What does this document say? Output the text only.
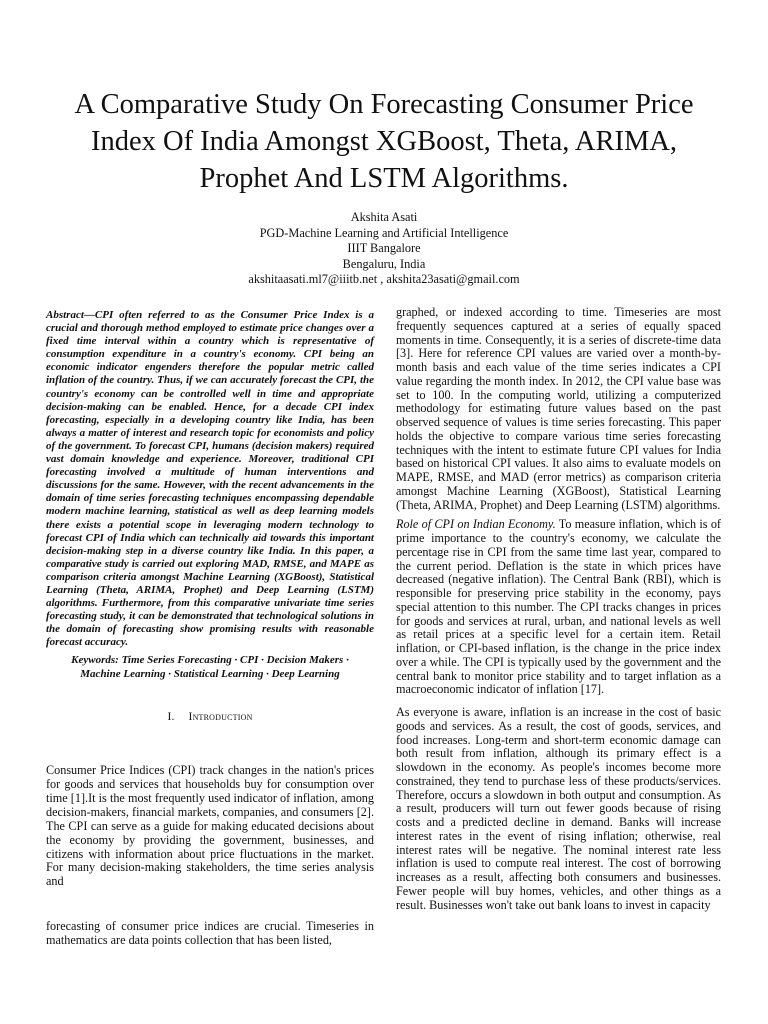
A Comparative Study On Forecasting Consumer Price Index Of India Amongst XGBoost, Theta, ARIMA, Prophet And LSTM Algorithms.
Akshita Asati
PGD-Machine Learning and Artificial Intelligence
IIIT Bangalore
Bengaluru, India
akshitaasati.ml7@iiitb.net , akshita23asati@gmail.com

Abstract—CPI often referred to as the Consumer Price Index is a crucial and thorough method employed to estimate price changes over a fixed time interval within a country which is representative of consumption expenditure in a country's economy. CPI being an economic indicator engenders therefore the popular metric called inflation of the country. Thus, if we can accurately forecast the CPI, the country's economy can be controlled well in time and appropriate decision-making can be enabled. Hence, for a decade CPI index forecasting, especially in a developing country like India, has been always a matter of interest and research topic for economists and policy of the government. To forecast CPI, humans (decision makers) required vast domain knowledge and experience. Moreover, traditional CPI forecasting involved a multitude of human interventions and discussions for the same. However, with the recent advancements in the domain of time series forecasting techniques encompassing dependable modern machine learning, statistical as well as deep learning models there exists a potential scope in leveraging modern technology to forecast CPI of India which can technically aid towards this important decision-making step in a diverse country like India. In this paper, a comparative study is carried out exploring MAD, RMSE, and MAPE as comparison criteria amongst Machine Learning (XGBoost), Statistical Learning (Theta, ARIMA, Prophet) and Deep Learning (LSTM) algorithms. Furthermore, from this comparative univariate time series forecasting study, it can be demonstrated that technological solutions in the domain of forecasting show promising results with reasonable forecast accuracy.

Keywords: Time Series Forecasting · CPI · Decision Makers · Machine Learning · Statistical Learning · Deep Learning

I. Introduction

Consumer Price Indices (CPI) track changes in the nation's prices for goods and services that households buy for consumption over time [1].It is the most frequently used indicator of inflation, among decision-makers, financial markets, companies, and consumers [2]. The CPI can serve as a guide for making educated decisions about the economy by providing the government, businesses, and citizens with information about price fluctuations in the market. For many decision-making stakeholders, the time series analysis and

forecasting of consumer price indices are crucial. Timeseries in mathematics are data points collection that has been listed,

graphed, or indexed according to time. Timeseries are most frequently sequences captured at a series of equally spaced moments in time. Consequently, it is a series of discrete-time data [3]. Here for reference CPI values are varied over a month-by-month basis and each value of the time series indicates a CPI value regarding the month index. In 2012, the CPI value base was set to 100. In the computing world, utilizing a computerized methodology for estimating future values based on the past observed sequence of values is time series forecasting. This paper holds the objective to compare various time series forecasting techniques with the intent to estimate future CPI values for India based on historical CPI values. It also aims to evaluate models on MAPE, RMSE, and MAD (error metrics) as comparison criteria amongst Machine Learning (XGBoost), Statistical Learning (Theta, ARIMA, Prophet) and Deep Learning (LSTM) algorithms.

Role of CPI on Indian Economy. To measure inflation, which is of prime importance to the country's economy, we calculate the percentage rise in CPI from the same time last year, compared to the current period. Deflation is the state in which prices have decreased (negative inflation). The Central Bank (RBI), which is responsible for preserving price stability in the economy, pays special attention to this number. The CPI tracks changes in prices for goods and services at rural, urban, and national levels as well as retail prices at a specific level for a certain item. Retail inflation, or CPI-based inflation, is the change in the price index over a while. The CPI is typically used by the government and the central bank to monitor price stability and to target inflation as a macroeconomic indicator of inflation [17].

As everyone is aware, inflation is an increase in the cost of basic goods and services. As a result, the cost of goods, services, and food increases. Long-term and short-term economic damage can both result from inflation, although its primary effect is a slowdown in the economy. As people's incomes become more constrained, they tend to purchase less of these products/services. Therefore, occurs a slowdown in both output and consumption. As a result, producers will turn out fewer goods because of rising costs and a predicted decline in demand. Banks will increase interest rates in the event of rising inflation; otherwise, real interest rates will be negative. The nominal interest rate less inflation is used to compute real interest. The cost of borrowing increases as a result, affecting both consumers and businesses. Fewer people will buy homes, vehicles, and other things as a result. Businesses won't take out bank loans to invest in capacity
